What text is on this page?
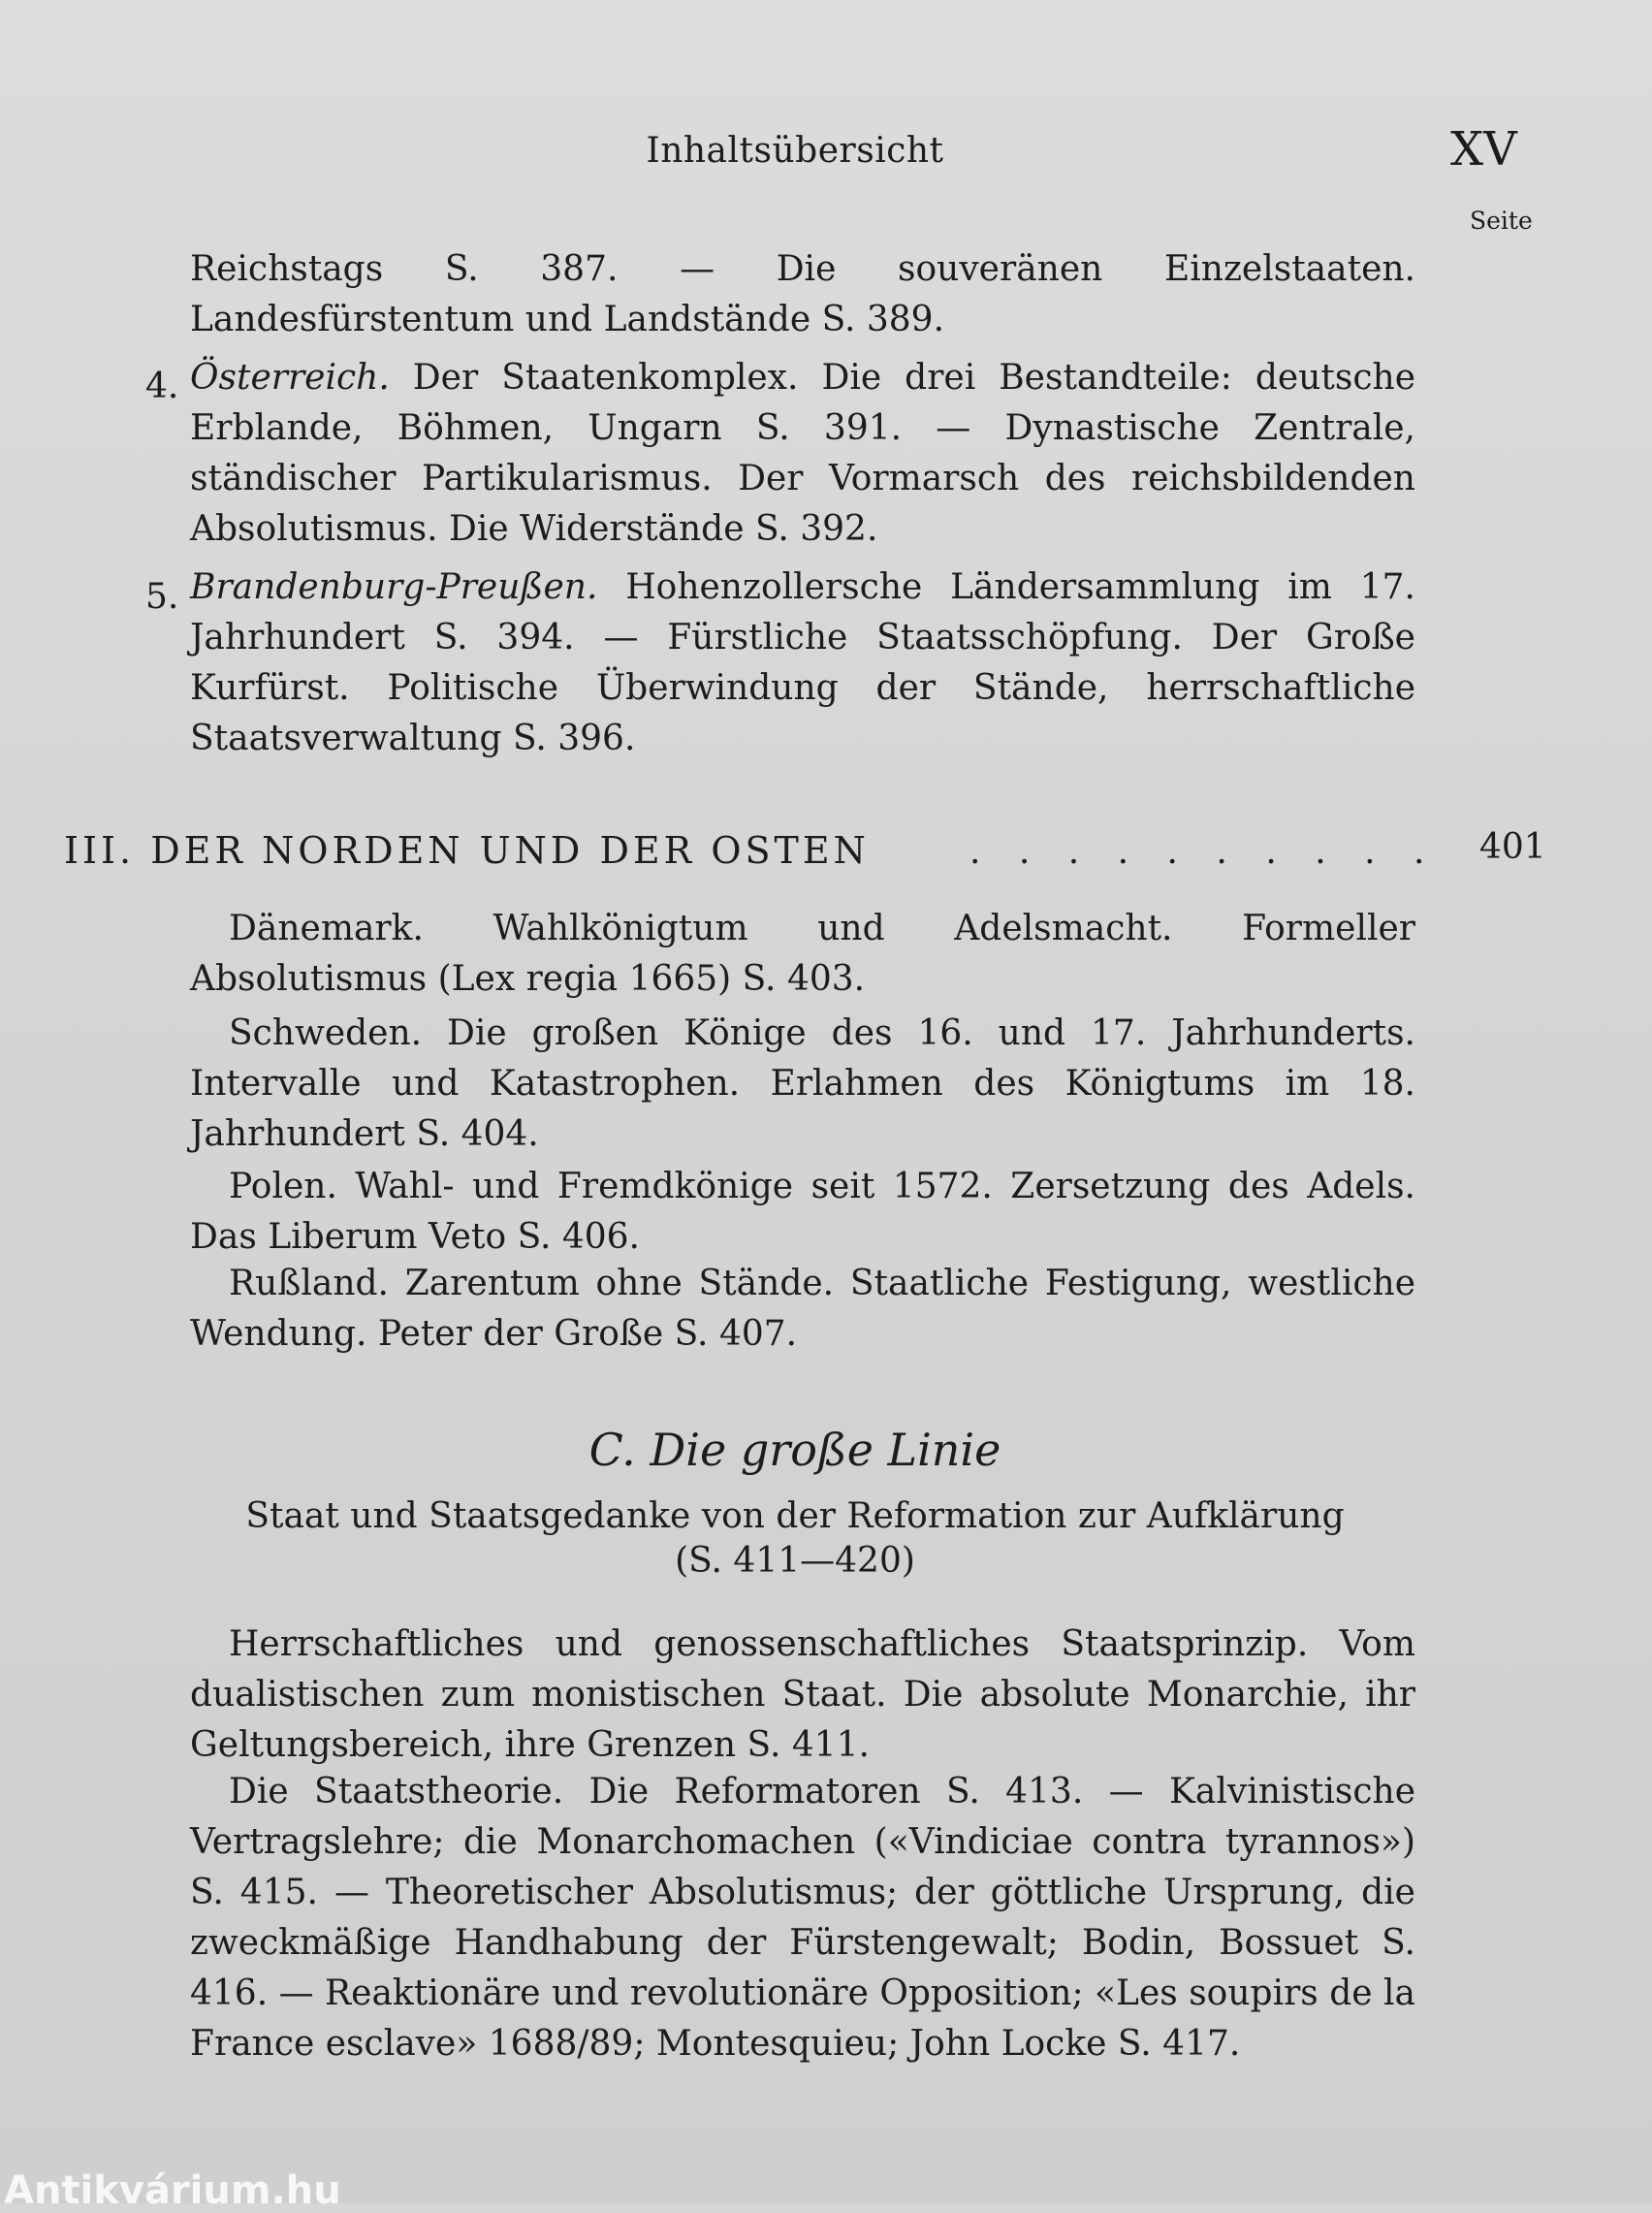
Inhaltsübersicht	XV
Seite
Reichstags S. 387. — Die souveränen Einzelstaaten. Landesfürstentum und Landstände S. 389.
4. Österreich. Der Staatenkomplex. Die drei Bestandteile: deutsche Erblande, Böhmen, Ungarn S. 391. — Dynastische Zentrale, ständischer Partikularismus. Der Vormarsch des reichsbildenden Absolutismus. Die Widerstände S. 392.
5. Brandenburg-Preußen. Hohenzollersche Ländersammlung im 17. Jahrhundert S. 394. — Fürstliche Staatsschöpfung. Der Große Kurfürst. Politische Überwindung der Stände, herrschaftliche Staatsverwaltung S. 396.
III. DER NORDEN UND DER OSTEN	. . . . . . . . . . 401
Dänemark. Wahlkönigtum und Adelsmacht. Formeller Absolutismus (Lex regia 1665) S. 403.
Schweden. Die großen Könige des 16. und 17. Jahrhunderts. Intervalle und Katastrophen. Erlahmen des Königtums im 18. Jahrhundert S. 404.
Polen. Wahl- und Fremdkönige seit 1572. Zersetzung des Adels. Das Liberum Veto S. 406.
Rußland. Zarentum ohne Stände. Staatliche Festigung, westliche Wendung. Peter der Große S. 407.
C. Die große Linie
Staat und Staatsgedanke von der Reformation zur Aufklärung
(S. 411—420)
Herrschaftliches und genossenschaftliches Staatsprinzip. Vom dualistischen zum monistischen Staat. Die absolute Monarchie, ihr Geltungsbereich, ihre Grenzen S. 411.
Die Staatstheorie. Die Reformatoren S. 413. — Kalvinistische Vertragslehre; die Monarchomachen («Vindiciae contra tyrannos») S. 415. — Theoretischer Absolutismus; der göttliche Ursprung, die zweckmäßige Handhabung der Fürstengewalt; Bodin, Bossuet S. 416. — Reaktionäre und revolutionäre Opposition; «Les soupirs de la France esclave» 1688/89; Montesquieu; John Locke S. 417.
Antikvárium.hu
